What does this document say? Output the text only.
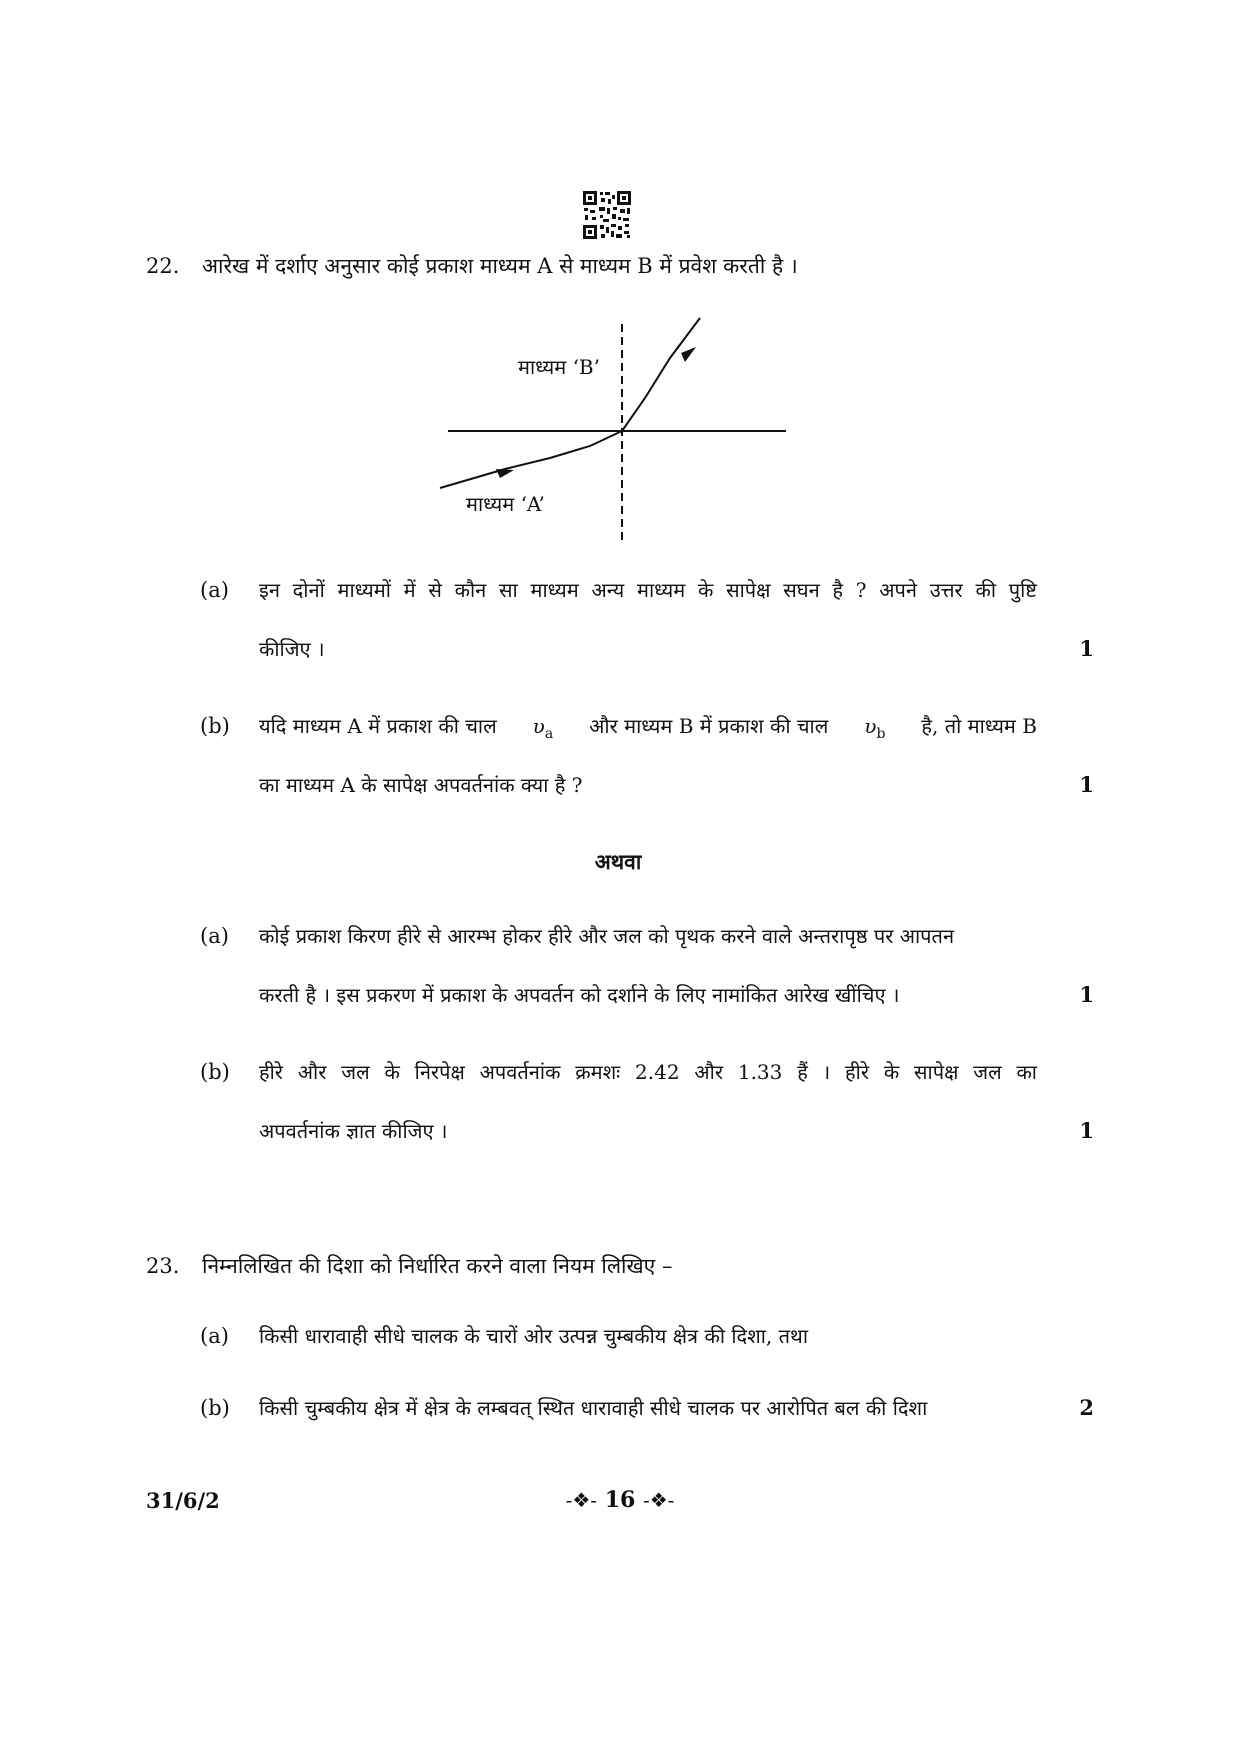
22. आरेख में दर्शाए अनुसार कोई प्रकाश माध्यम A से माध्यम B में प्रवेश करती है ।
माध्यम ‘B’
माध्यम ‘A’
(a) इन दोनों माध्यमों में से कौन सा माध्यम अन्य माध्यम के सापेक्ष सघन है ? अपने उत्तर की पुष्टि
कीजिए ।	1
(b) यदि माध्यम A में प्रकाश की चाल $\upsilon_a$ और माध्यम B में प्रकाश की चाल $\upsilon_b$ है, तो माध्यम B
का माध्यम A के सापेक्ष अपवर्तनांक क्या है ?	1
अथवा
(a) कोई प्रकाश किरण हीरे से आरम्भ होकर हीरे और जल को पृथक करने वाले अन्तरापृष्ठ पर आपतन
करती है । इस प्रकरण में प्रकाश के अपवर्तन को दर्शाने के लिए नामांकित आरेख खींचिए ।	1
(b) हीरे और जल के निरपेक्ष अपवर्तनांक क्रमशः 2.42 और 1.33 हैं । हीरे के सापेक्ष जल का
अपवर्तनांक ज्ञात कीजिए ।	1
23. निम्नलिखित की दिशा को निर्धारित करने वाला नियम लिखिए –
(a) किसी धारावाही सीधे चालक के चारों ओर उत्पन्न चुम्बकीय क्षेत्र की दिशा, तथा
(b) किसी चुम्बकीय क्षेत्र में क्षेत्र के लम्बवत् स्थित धारावाही सीधे चालक पर आरोपित बल की दिशा	2
31/6/2	-❖- 16 -❖-
